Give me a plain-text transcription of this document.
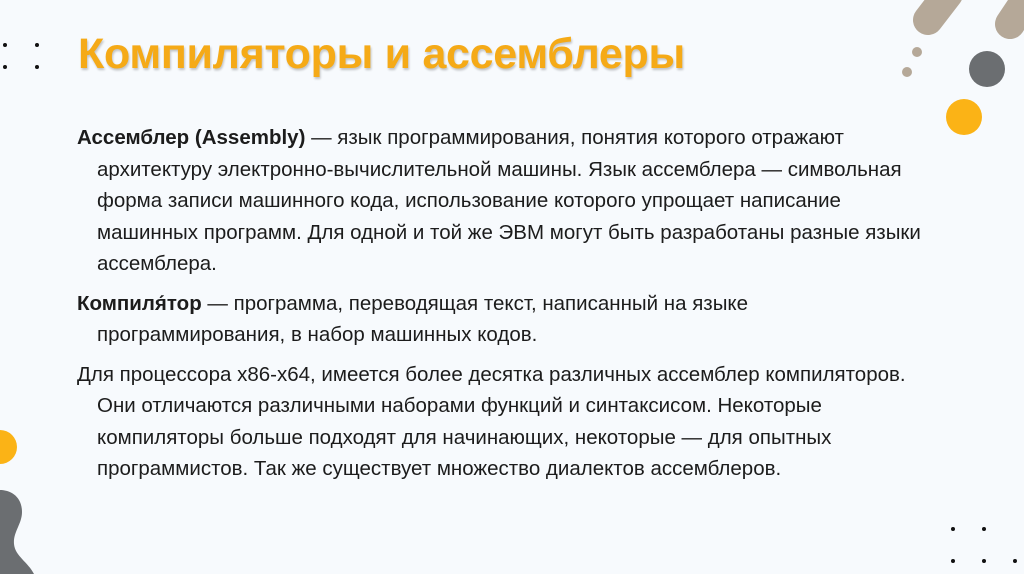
Компиляторы и ассемблеры

Ассемблер (Assembly) — язык программирования, понятия которого отражают архитектуру электронно-вычислительной машины. Язык ассемблера — символьная форма записи машинного кода, использование которого упрощает написание машинных программ. Для одной и той же ЭВМ могут быть разработаны разные языки ассемблера.

Компиля́тор — программа, переводящая текст, написанный на языке программирования, в набор машинных кодов.

Для процессора x86-x64, имеется более десятка различных ассемблер компиляторов. Они отличаются различными наборами функций и синтаксисом. Некоторые компиляторы больше подходят для начинающих, некоторые — для опытных программистов. Так же существует множество диалектов ассемблеров.
